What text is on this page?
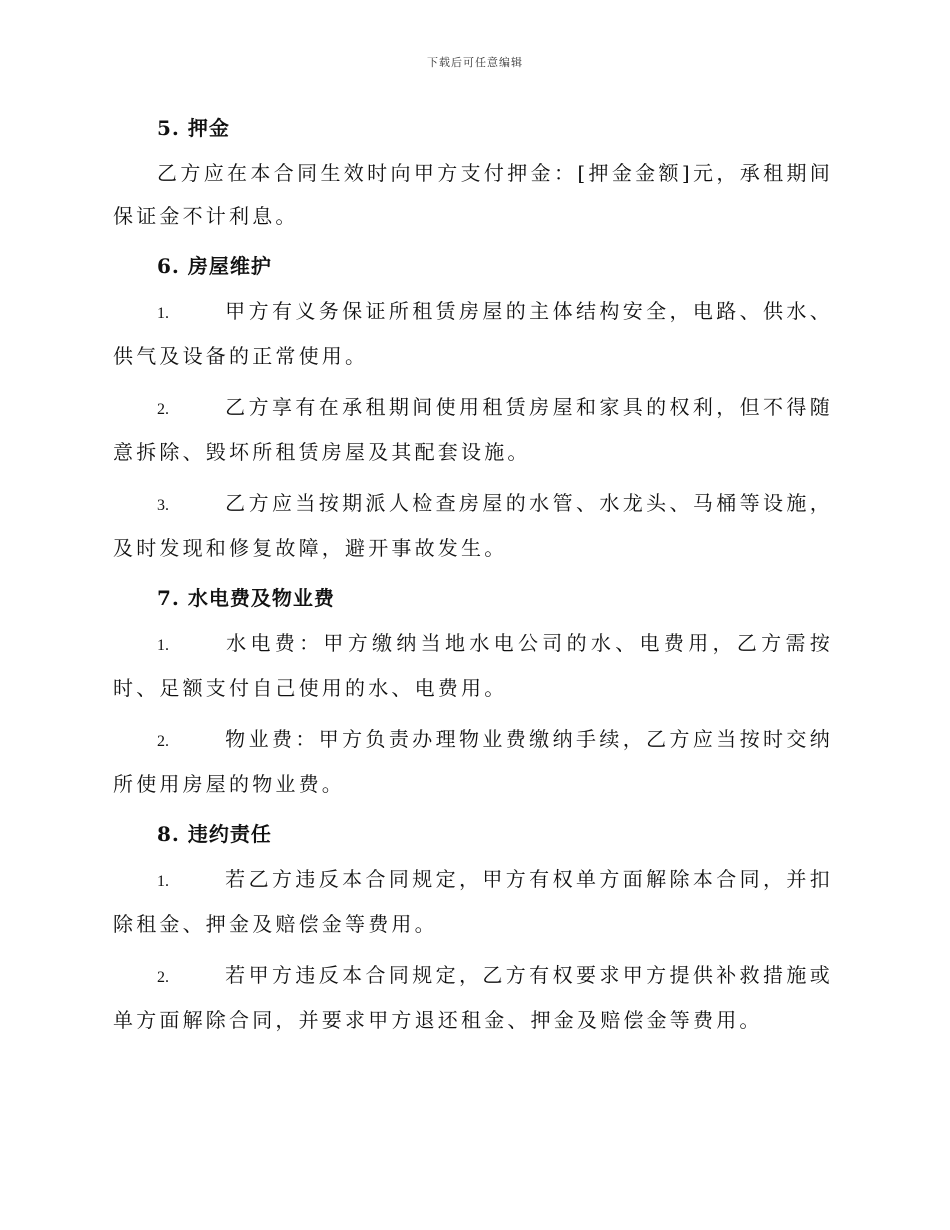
下载后可任意编辑
5. 押金

乙方应在本合同生效时向甲方支付押金：[押金金额]元，承租期间保证金不计利息。

6. 房屋维护

1.	甲方有义务保证所租赁房屋的主体结构安全，电路、供水、供气及设备的正常使用。

2.	乙方享有在承租期间使用租赁房屋和家具的权利，但不得随意拆除、毁坏所租赁房屋及其配套设施。

3.	乙方应当按期派人检查房屋的水管、水龙头、马桶等设施，及时发现和修复故障，避开事故发生。

7. 水电费及物业费

1.	水电费：甲方缴纳当地水电公司的水、电费用，乙方需按时、足额支付自己使用的水、电费用。

2.	物业费：甲方负责办理物业费缴纳手续，乙方应当按时交纳所使用房屋的物业费。

8. 违约责任

1.	若乙方违反本合同规定，甲方有权单方面解除本合同，并扣除租金、押金及赔偿金等费用。

2.	若甲方违反本合同规定，乙方有权要求甲方提供补救措施或单方面解除合同，并要求甲方退还租金、押金及赔偿金等费用。
